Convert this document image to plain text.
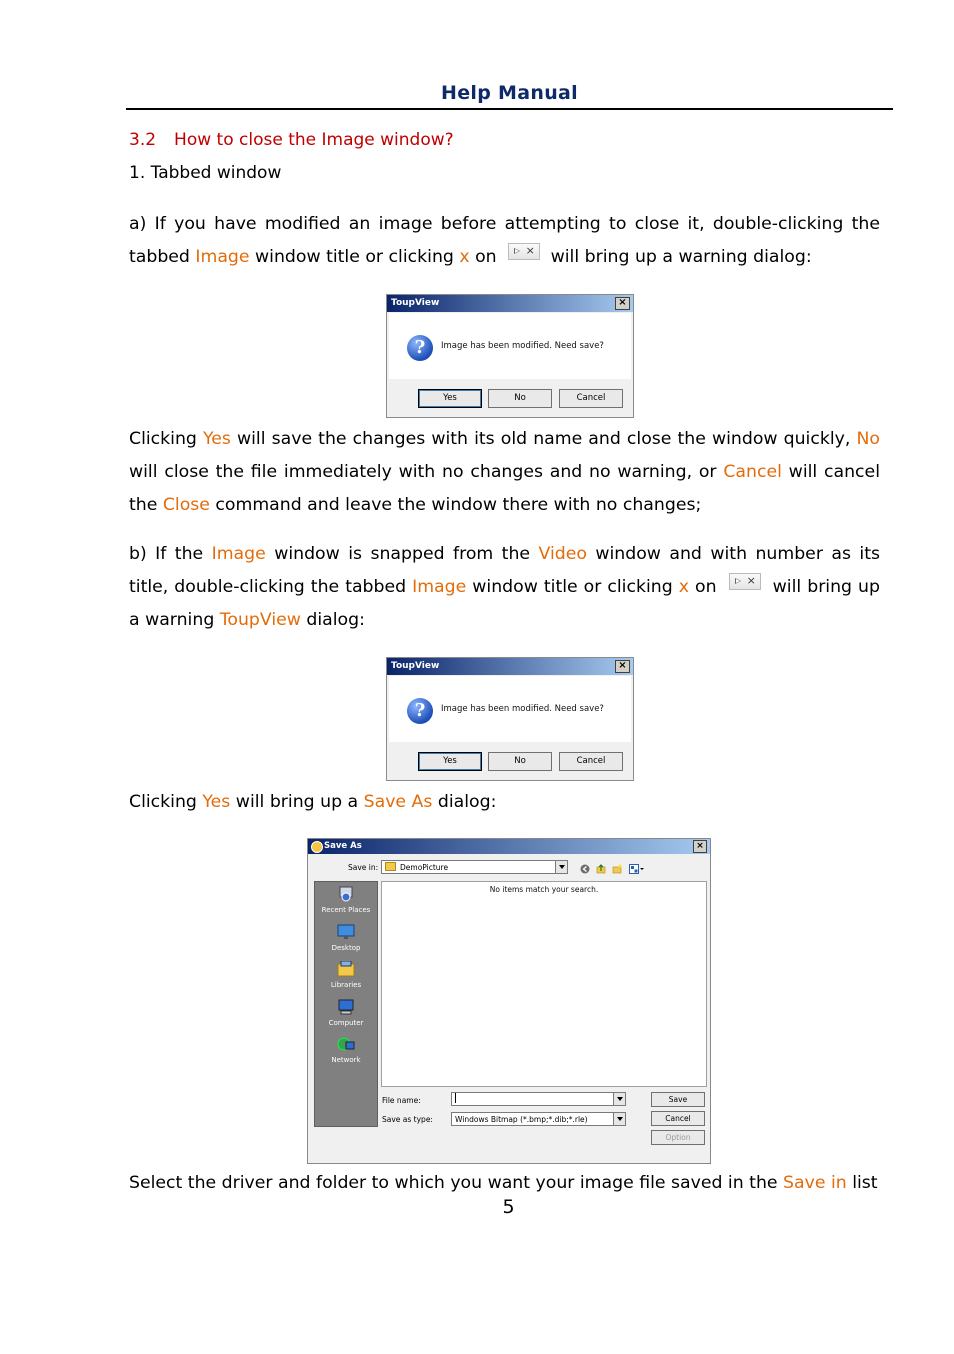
Help Manual
3.2 How to close the Image window?
1. Tabbed window
a) If you have modified an image before attempting to close it, double-clicking the tabbed Image window title or clicking x on × will bring up a warning dialog:
ToupView	×
?	Image has been modified. Need save?
Yes	No	Cancel
Clicking Yes will save the changes with its old name and close the window quickly, No will close the file immediately with no changes and no warning, or Cancel will cancel the Close command and leave the window there with no changes;
b) If the Image window is snapped from the Video window and with number as its title, double-clicking the tabbed Image window title or clicking x on × will bring up a warning ToupView dialog:
ToupView	×
?	Image has been modified. Need save?
Yes	No	Cancel
Clicking Yes will bring up a Save As dialog:
Save As	×
Save in:	DemoPicture
Recent Places
Desktop
Libraries
Computer
Network
No items match your search.
File name:
Save as type:	Windows Bitmap (*.bmp;*.dib;*.rle)
Save
Cancel
Option
Select the driver and folder to which you want your image file saved in the Save in list
5
